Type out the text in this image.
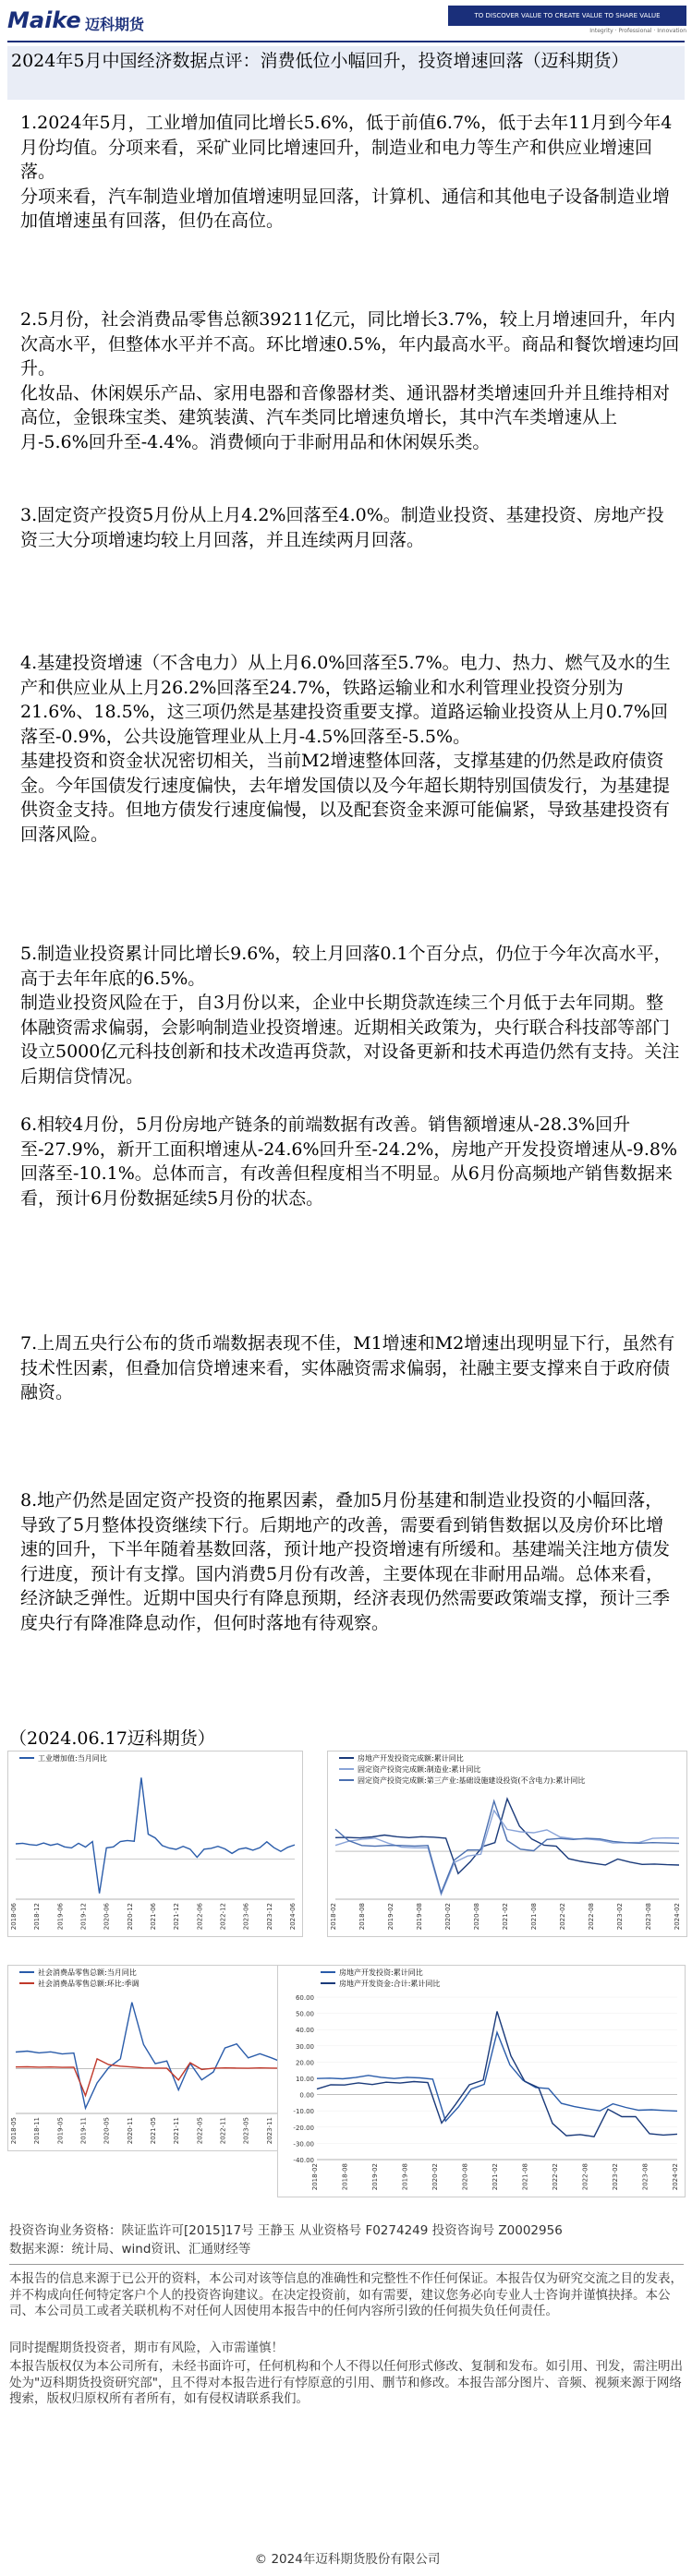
Maike 迈科期货	TO DISCOVER VALUE TO CREATE VALUE TO SHARE VALUE
Integrity · Professional · Innovation
2024年5月中国经济数据点评：消费低位小幅回升，投资增速回落（迈科期货）
1.2024年5月，工业增加值同比增长5.6%，低于前值6.7%，低于去年11月到今年4月份均值。分项来看，采矿业同比增速回升，制造业和电力等生产和供应业增速回落。
分项来看，汽车制造业增加值增速明显回落，计算机、通信和其他电子设备制造业增加值增速虽有回落，但仍在高位。
2.5月份，社会消费品零售总额39211亿元，同比增长3.7%，较上月增速回升，年内次高水平，但整体水平并不高。环比增速0.5%，年内最高水平。商品和餐饮增速均回升。
化妆品、休闲娱乐产品、家用电器和音像器材类、通讯器材类增速回升并且维持相对高位，金银珠宝类、建筑装潢、汽车类同比增速负增长，其中汽车类增速从上月-5.6%回升至-4.4%。消费倾向于非耐用品和休闲娱乐类。
3.固定资产投资5月份从上月4.2%回落至4.0%。制造业投资、基建投资、房地产投资三大分项增速均较上月回落，并且连续两月回落。
4.基建投资增速（不含电力）从上月6.0%回落至5.7%。电力、热力、燃气及水的生产和供应业从上月26.2%回落至24.7%，铁路运输业和水利管理业投资分别为21.6%、18.5%，这三项仍然是基建投资重要支撑。道路运输业投资从上月0.7%回落至-0.9%，公共设施管理业从上月-4.5%回落至-5.5%。
基建投资和资金状况密切相关，当前M2增速整体回落，支撑基建的仍然是政府债资金。今年国债发行速度偏快，去年增发国债以及今年超长期特别国债发行，为基建提供资金支持。但地方债发行速度偏慢，以及配套资金来源可能偏紧，导致基建投资有回落风险。
5.制造业投资累计同比增长9.6%，较上月回落0.1个百分点，仍位于今年次高水平，高于去年年底的6.5%。
制造业投资风险在于，自3月份以来，企业中长期贷款连续三个月低于去年同期。整体融资需求偏弱，会影响制造业投资增速。近期相关政策为，央行联合科技部等部门设立5000亿元科技创新和技术改造再贷款，对设备更新和技术再造仍然有支持。关注后期信贷情况。
6.相较4月份，5月份房地产链条的前端数据有改善。销售额增速从-28.3%回升至-27.9%，新开工面积增速从-24.6%回升至-24.2%，房地产开发投资增速从-9.8%回落至-10.1%。总体而言，有改善但程度相当不明显。从6月份高频地产销售数据来看，预计6月份数据延续5月份的状态。
7.上周五央行公布的货币端数据表现不佳，M1增速和M2增速出现明显下行，虽然有技术性因素，但叠加信贷增速来看，实体融资需求偏弱，社融主要支撑来自于政府债融资。
8.地产仍然是固定资产投资的拖累因素，叠加5月份基建和制造业投资的小幅回落，导致了5月整体投资继续下行。后期地产的改善，需要看到销售数据以及房价环比增速的回升，下半年随着基数回落，预计地产投资增速有所缓和。基建端关注地方债发行进度，预计有支撑。国内消费5月份有改善，主要体现在非耐用品端。总体来看，经济缺乏弹性。近期中国央行有降息预期，经济表现仍然需要政策端支撑，预计三季度央行有降准降息动作，但何时落地有待观察。
（2024.06.17迈科期货）
工业增加值:当月同比
2018-06 2018-12 2019-06 2019-12 2020-06 2020-12 2021-06 2021-12 2022-06 2022-12 2023-06 2023-12 2024-06
房地产开发投资完成额:累计同比
固定资产投资完成额:制造业:累计同比
固定资产投资完成额:第三产业:基础设施建设投资(不含电力):累计同比
2018-02	2018-08	2019-02	2019-08	2020-02	2020-08	2021-02	2021-08	2022-02	2022-08	2023-02	2023-08	2024-02
社会消费品零售总额:当月同比
社会消费品零售总额:环比:季调
2018-05 2018-11 2019-05 2019-11 2020-05 2020-11 2021-05 2021-11 2022-05 2022-11 2023-05 2023-11
房地产开发投资:累计同比
房地产开发资金:合计:累计同比
60.00
50.00
40.00
30.00
20.00
10.00
0.00
-10.00
-20.00
-30.00
-40.00
2018-02	2018-08	2019-02	2019-08	2020-02	2020-08	2021-02	2021-08	2022-02	2022-08	2023-02	2023-08	2024-02
投资咨询业务资格：陕证监许可[2015]17号 王静玉 从业资格号 F0274249 投资咨询号 Z0002956
数据来源：统计局、wind资讯、汇通财经等
本报告的信息来源于已公开的资料，本公司对该等信息的准确性和完整性不作任何保证。本报告仅为研究交流之目的发表，并不构成向任何特定客户个人的投资咨询建议。在决定投资前，如有需要，建议您务必向专业人士咨询并谨慎抉择。本公司、本公司员工或者关联机构不对任何人因使用本报告中的任何内容所引致的任何损失负任何责任。
同时提醒期货投资者，期市有风险，入市需谨慎！
本报告版权仅为本公司所有，未经书面许可，任何机构和个人不得以任何形式修改、复制和发布。如引用、刊发，需注明出处为"迈科期货投资研究部"，且不得对本报告进行有悖原意的引用、删节和修改。本报告部分图片、音频、视频来源于网络搜索，版权归原权所有者所有，如有侵权请联系我们。
© 2024年迈科期货股份有限公司
